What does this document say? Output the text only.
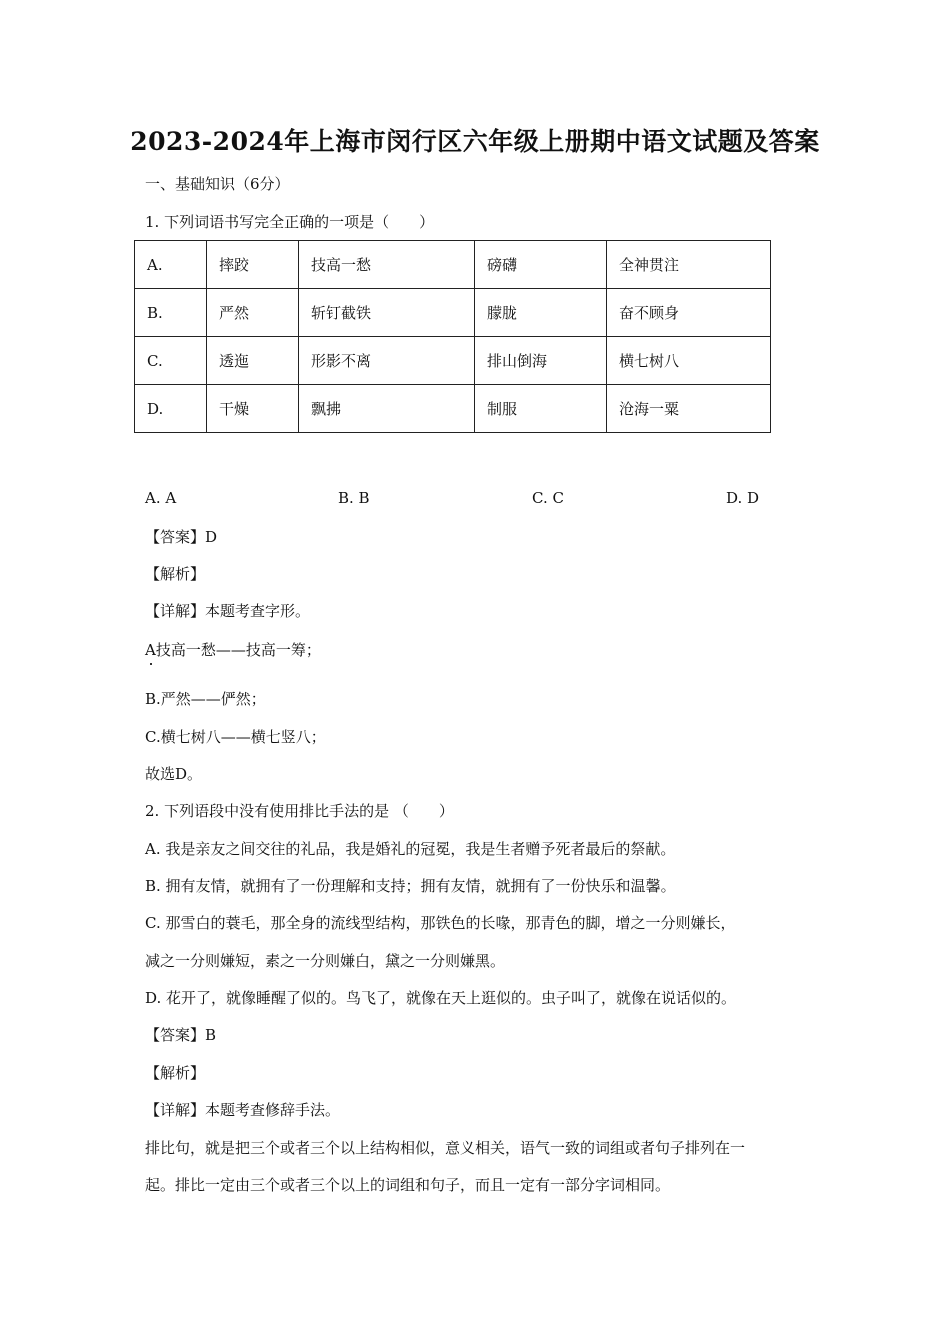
2023-2024年上海市闵行区六年级上册期中语文试题及答案
一、基础知识（6分）
1. 下列词语书写完全正确的一项是（　　）
A.	摔跤	技高一愁	磅礴	全神贯注
B.	严然	斩钉截铁	朦胧	奋不顾身
C.	透迤	形影不离	排山倒海	横七树八
D.	干燥	飘拂	制服	沧海一粟
A. A	B. B	C. C	D. D
【答案】D
【解析】
【详解】本题考查字形。
A技高一愁——技高一筹；
B.严然——俨然；
C.横七树八——横七竖八；
故选D。
2. 下列语段中没有使用排比手法的是 （　　）
A. 我是亲友之间交往的礼品，我是婚礼的冠冕，我是生者赠予死者最后的祭献。
B. 拥有友情，就拥有了一份理解和支持；拥有友情，就拥有了一份快乐和温馨。
C. 那雪白的蓑毛，那全身的流线型结构，那铁色的长喙，那青色的脚，增之一分则嫌长，
减之一分则嫌短，素之一分则嫌白，黛之一分则嫌黑。
D. 花开了，就像睡醒了似的。鸟飞了，就像在天上逛似的。虫子叫了，就像在说话似的。
【答案】B
【解析】
【详解】本题考查修辞手法。
排比句，就是把三个或者三个以上结构相似，意义相关，语气一致的词组或者句子排列在一
起。排比一定由三个或者三个以上的词组和句子，而且一定有一部分字词相同。
